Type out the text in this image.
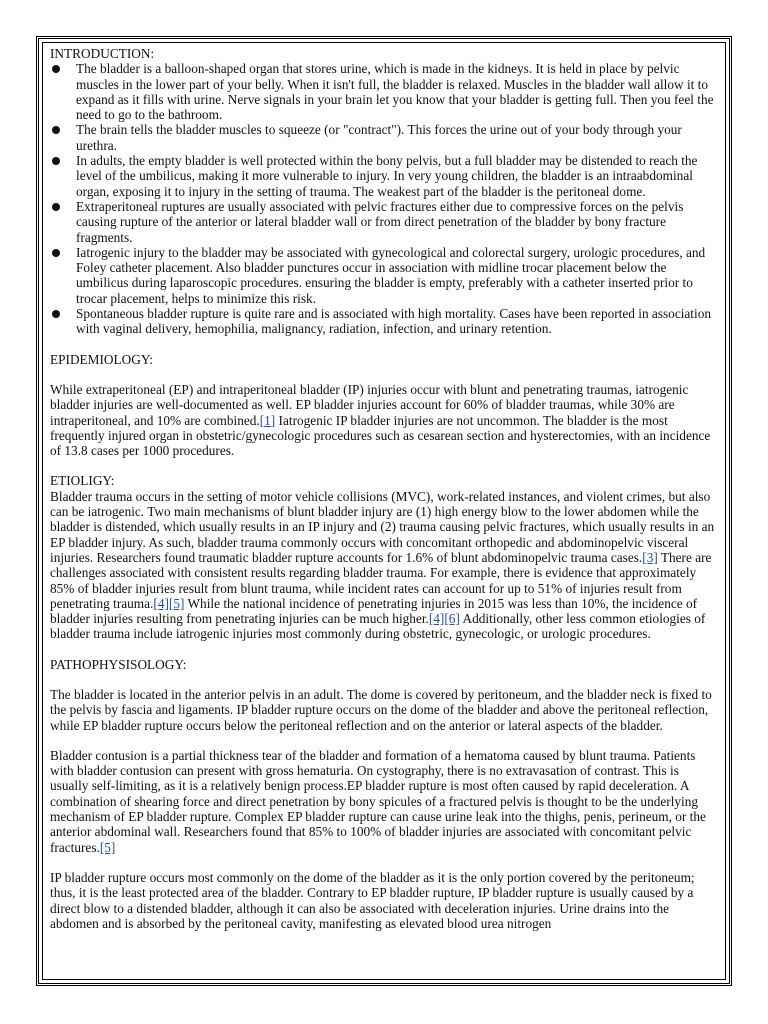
INTRODUCTION:

The bladder is a balloon-shaped organ that stores urine, which is made in the kidneys. It is held in place by pelvic muscles in the lower part of your belly. When it isn't full, the bladder is relaxed. Muscles in the bladder wall allow it to expand as it fills with urine. Nerve signals in your brain let you know that your bladder is getting full. Then you feel the need to go to the bathroom.
The brain tells the bladder muscles to squeeze (or "contract"). This forces the urine out of your body through your urethra.
In adults, the empty bladder is well protected within the bony pelvis, but a full bladder may be distended to reach the level of the umbilicus, making it more vulnerable to injury. In very young children, the bladder is an intraabdominal organ, exposing it to injury in the setting of trauma. The weakest part of the bladder is the peritoneal dome.
Extraperitoneal ruptures are usually associated with pelvic fractures either due to compressive forces on the pelvis causing rupture of the anterior or lateral bladder wall or from direct penetration of the bladder by bony fracture fragments.
Iatrogenic injury to the bladder may be associated with gynecological and colorectal surgery, urologic procedures, and Foley catheter placement. Also bladder punctures occur in association with midline trocar placement below the umbilicus during laparoscopic procedures. ensuring the bladder is empty, preferably with a catheter inserted prior to trocar placement, helps to minimize this risk.
Spontaneous bladder rupture is quite rare and is associated with high mortality. Cases have been reported in association with vaginal delivery, hemophilia, malignancy, radiation, infection, and urinary retention.

EPIDEMIOLOGY:

While extraperitoneal (EP) and intraperitoneal bladder (IP) injuries occur with blunt and penetrating traumas, iatrogenic bladder injuries are well-documented as well. EP bladder injuries account for 60% of bladder traumas, while 30% are intraperitoneal, and 10% are combined.[1] Iatrogenic IP bladder injuries are not uncommon. The bladder is the most frequently injured organ in obstetric/gynecologic procedures such as cesarean section and hysterectomies, with an incidence of 13.8 cases per 1000 procedures.

ETIOLIGY:

Bladder trauma occurs in the setting of motor vehicle collisions (MVC), work-related instances, and violent crimes, but also can be iatrogenic. Two main mechanisms of blunt bladder injury are (1) high energy blow to the lower abdomen while the bladder is distended, which usually results in an IP injury and (2) trauma causing pelvic fractures, which usually results in an EP bladder injury. As such, bladder trauma commonly occurs with concomitant orthopedic and abdominopelvic visceral injuries. Researchers found traumatic bladder rupture accounts for 1.6% of blunt abdominopelvic trauma cases.[3] There are challenges associated with consistent results regarding bladder trauma. For example, there is evidence that approximately 85% of bladder injuries result from blunt trauma, while incident rates can account for up to 51% of injuries result from penetrating trauma.[4][5] While the national incidence of penetrating injuries in 2015 was less than 10%, the incidence of bladder injuries resulting from penetrating injuries can be much higher.[4][6] Additionally, other less common etiologies of bladder trauma include iatrogenic injuries most commonly during obstetric, gynecologic, or urologic procedures.

PATHOPHYSISOLOGY:

The bladder is located in the anterior pelvis in an adult. The dome is covered by peritoneum, and the bladder neck is fixed to the pelvis by fascia and ligaments. IP bladder rupture occurs on the dome of the bladder and above the peritoneal reflection, while EP bladder rupture occurs below the peritoneal reflection and on the anterior or lateral aspects of the bladder.

Bladder contusion is a partial thickness tear of the bladder and formation of a hematoma caused by blunt trauma. Patients with bladder contusion can present with gross hematuria. On cystography, there is no extravasation of contrast. This is usually self-limiting, as it is a relatively benign process.EP bladder rupture is most often caused by rapid deceleration. A combination of shearing force and direct penetration by bony spicules of a fractured pelvis is thought to be the underlying mechanism of EP bladder rupture. Complex EP bladder rupture can cause urine leak into the thighs, penis, perineum, or the anterior abdominal wall. Researchers found that 85% to 100% of bladder injuries are associated with concomitant pelvic fractures.[5]

IP bladder rupture occurs most commonly on the dome of the bladder as it is the only portion covered by the peritoneum; thus, it is the least protected area of the bladder. Contrary to EP bladder rupture, IP bladder rupture is usually caused by a direct blow to a distended bladder, although it can also be associated with deceleration injuries. Urine drains into the abdomen and is absorbed by the peritoneal cavity, manifesting as elevated blood urea nitrogen
